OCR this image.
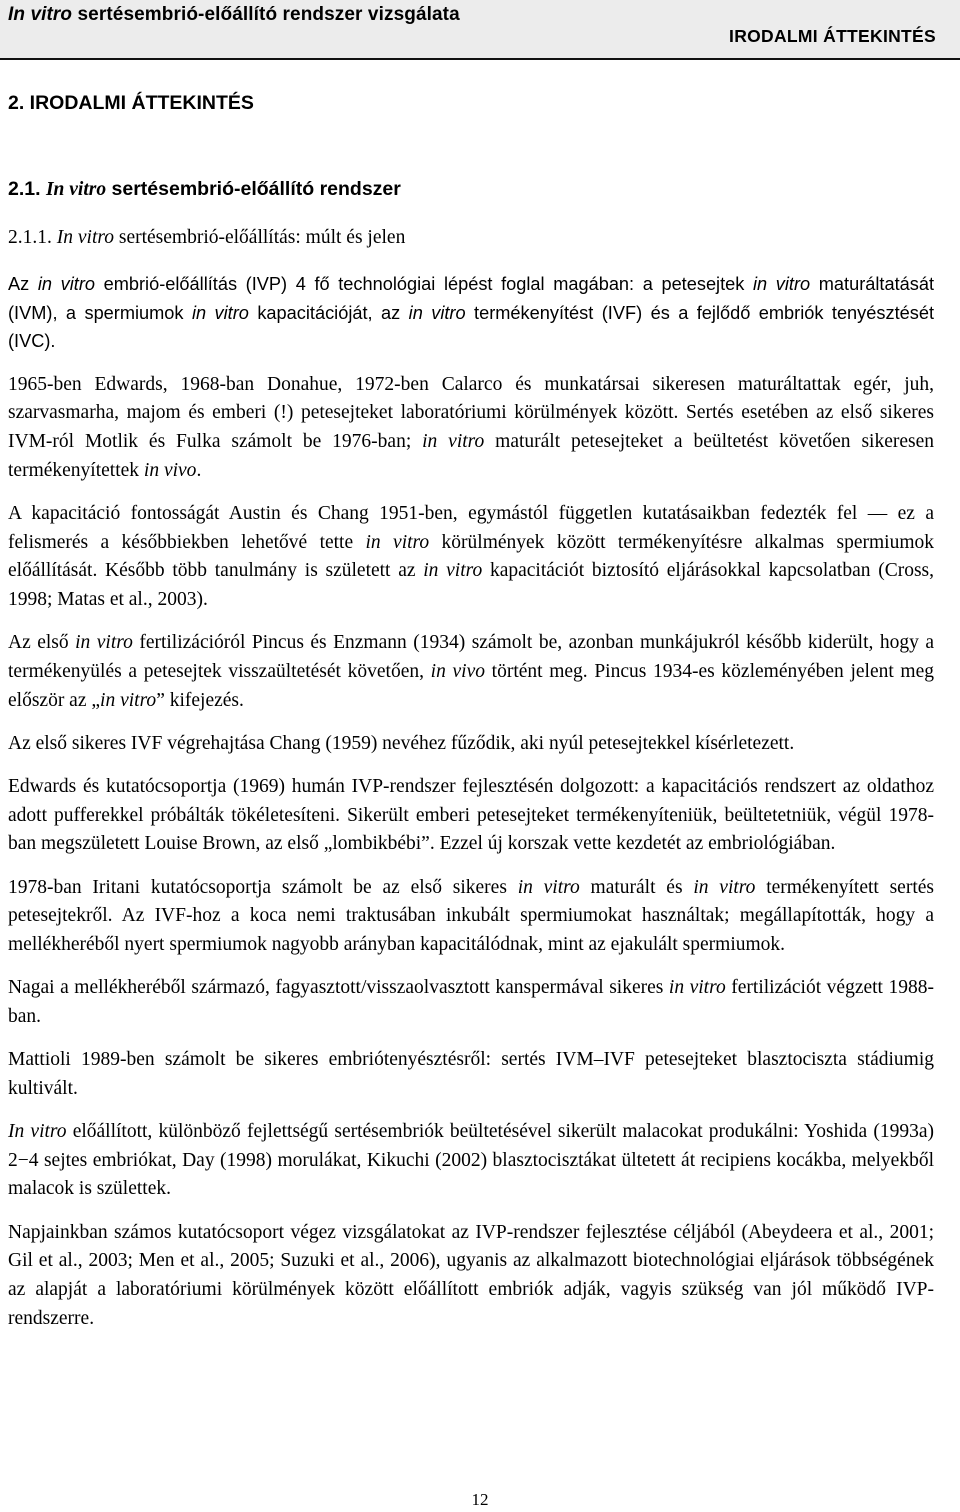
In vitro sertésembrió-előállító rendszer vizsgálata
IRODALMI ÁTTEKINTÉS
2. IRODALMI ÁTTEKINTÉS
2.1. In vitro sertésembrió-előállító rendszer
2.1.1. In vitro sertésembrió-előállítás: múlt és jelen

Az in vitro embrió-előállítás (IVP) 4 fő technológiai lépést foglal magában: a petesejtek in vitro maturáltatását (IVM), a spermiumok in vitro kapacitációját, az in vitro termékenyítést (IVF) és a fejlődő embriók tenyésztését (IVC).

1965-ben Edwards, 1968-ban Donahue, 1972-ben Calarco és munkatársai sikeresen maturáltattak egér, juh, szarvasmarha, majom és emberi (!) petesejteket laboratóriumi körülmények között. Sertés esetében az első sikeres IVM-ról Motlik és Fulka számolt be 1976-ban; in vitro maturált petesejteket a beültetést követően sikeresen termékenyítettek in vivo.

A kapacitáció fontosságát Austin és Chang 1951-ben, egymástól független kutatásaikban fedezték fel — ez a felismerés a későbbiekben lehetővé tette in vitro körülmények között termékenyítésre alkalmas spermiumok előállítását. Később több tanulmány is született az in vitro kapacitációt biztosító eljárásokkal kapcsolatban (Cross, 1998; Matas et al., 2003).

Az első in vitro fertilizációról Pincus és Enzmann (1934) számolt be, azonban munkájukról később kiderült, hogy a termékenyülés a petesejtek visszaültetését követően, in vivo történt meg. Pincus 1934-es közleményében jelent meg először az „in vitro” kifejezés.

Az első sikeres IVF végrehajtása Chang (1959) nevéhez fűződik, aki nyúl petesejtekkel kísérletezett.

Edwards és kutatócsoportja (1969) humán IVP-rendszer fejlesztésén dolgozott: a kapacitációs rendszert az oldathoz adott pufferekkel próbálták tökéletesíteni. Sikerült emberi petesejteket termékenyíteniük, beültetetniük, végül 1978-ban megszületett Louise Brown, az első „lombikbébi”. Ezzel új korszak vette kezdetét az embriológiában.

1978-ban Iritani kutatócsoportja számolt be az első sikeres in vitro maturált és in vitro termékenyített sertés petesejtekről. Az IVF-hoz a koca nemi traktusában inkubált spermiumokat használtak; megállapították, hogy a mellékheréből nyert spermiumok nagyobb arányban kapacitálódnak, mint az ejakulált spermiumok.

Nagai a mellékheréből származó, fagyasztott/visszaolvasztott kanspermával sikeres in vitro fertilizációt végzett 1988-ban.

Mattioli 1989-ben számolt be sikeres embriótenyésztésről: sertés IVM–IVF petesejteket blasztociszta stádiumig kultivált.

In vitro előállított, különböző fejlettségű sertésembriók beültetésével sikerült malacokat produkálni: Yoshida (1993a) 2−4 sejtes embriókat, Day (1998) morulákat, Kikuchi (2002) blasztocisztákat ültetett át recipiens kocákba, melyekből malacok is születtek.

Napjainkban számos kutatócsoport végez vizsgálatokat az IVP-rendszer fejlesztése céljából (Abeydeera et al., 2001; Gil et al., 2003; Men et al., 2005; Suzuki et al., 2006), ugyanis az alkalmazott biotechnológiai eljárások többségének az alapját a laboratóriumi körülmények között előállított embriók adják, vagyis szükség van jól működő IVP-rendszerre.

12
